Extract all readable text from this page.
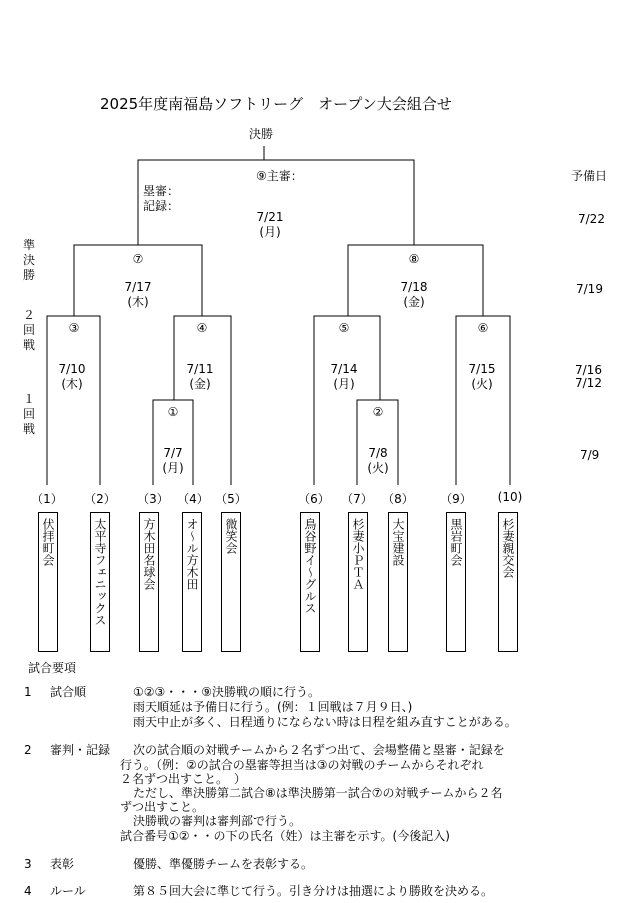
2025年度南福島ソフトリーグ　オープン大会組合せ
決勝
予備日
⑨主審：
塁審：
記録：
7/21
(月)
7/22
準
決
勝
２
回
戦
１
回
戦
⑦
7/17
(木)
⑧
7/18
(金)
7/19
③
7/10
(木)
④
7/11
(金)
⑤
7/14
(月)
⑥
7/15
(火)
7/16
7/12
①
7/7
(月)
②
7/8
(火)
7/9
（1） （2） （3） （4） （5）	（6） （7） （8） （9）	(10)
伏拝町会	太平寺フェニックス	方木田名球会 オ～ル方木田 微笑会	鳥谷野イ～グルス	杉妻小ＰＴＡ 大宝建設	黒岩町会	杉妻親交会
試合要項
1 試合順	①②③・・・⑨決勝戦の順に行う。
雨天順延は予備日に行う。(例：１回戦は７月９日、)
雨天中止が多く、日程通りにならない時は日程を組み直すことがある。
2 審判・記録 次の試合順の対戦チームから２名ずつ出て、会場整備と塁審・記録を
行う。（例：②の試合の塁審等担当は③の対戦のチームからそれぞれ
２名ずつ出すこと。　）
ただし、準決勝第二試合⑧は準決勝第一試合⑦の対戦チームから２名
ずつ出すこと。
決勝戦の審判は審判部で行う。
試合番号①②・・の下の氏名（姓）は主審を示す。(今後記入)
3 表彰	優勝、準優勝チームを表彰する。
4 ルール	第８５回大会に準じて行う。引き分けは抽選により勝敗を決める。
